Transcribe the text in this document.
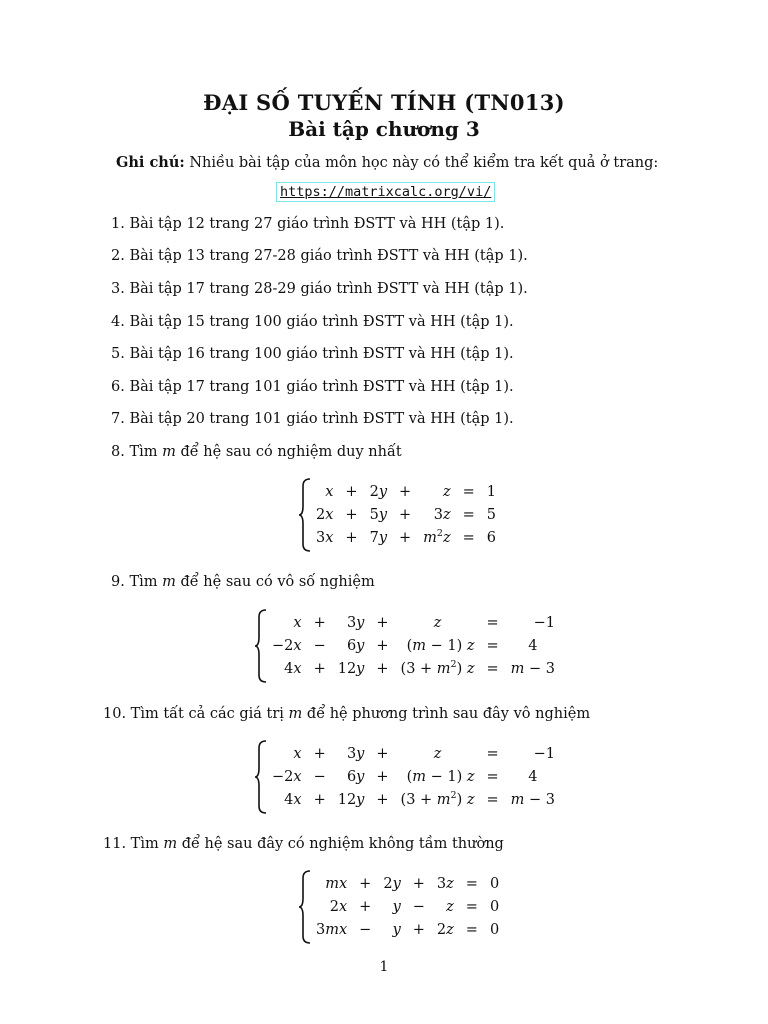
ĐẠI SỐ TUYẾN TÍNH (TN013)
Bài tập chương 3
Ghi chú: Nhiều bài tập của môn học này có thể kiểm tra kết quả ở trang:
https://matrixcalc.org/vi/
1. Bài tập 12 trang 27 giáo trình ĐSTT và HH (tập 1).
2. Bài tập 13 trang 27-28 giáo trình ĐSTT và HH (tập 1).
3. Bài tập 17 trang 28-29 giáo trình ĐSTT và HH (tập 1).
4. Bài tập 15 trang 100 giáo trình ĐSTT và HH (tập 1).
5. Bài tập 16 trang 100 giáo trình ĐSTT và HH (tập 1).
6. Bài tập 17 trang 101 giáo trình ĐSTT và HH (tập 1).
7. Bài tập 20 trang 101 giáo trình ĐSTT và HH (tập 1).
8. Tìm m để hệ sau có nghiệm duy nhất
x	+	2y	+	z	=	1
2x	+	5y	+	3z	=	5
3x	+	7y	+	$m^2z$	=	6
9. Tìm m để hệ sau có vô số nghiệm
x	+	3y	+	z	=	−1
−2x	−	6y	+	(m − 1) z	=	4
4x	+	12y	+	$(3 + m^2)$ z	=	m − 3
10. Tìm tất cả các giá trị m để hệ phương trình sau đây vô nghiệm
x	+	3y	+	z	=	−1
−2x	−	6y	+	(m − 1) z	=	4
4x	+	12y	+	$(3 + m^2)$ z	=	m − 3
11. Tìm m để hệ sau đây có nghiệm không tầm thường
mx	+	2y	+	3z	=	0
2x	+	y	−	z	=	0
3mx	−	y	+	2z	=	0
1
